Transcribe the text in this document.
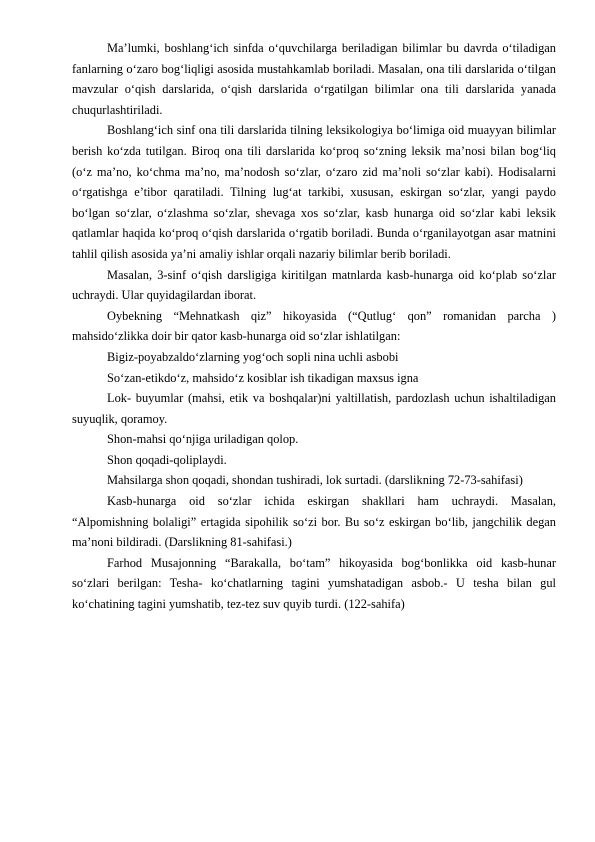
Ma’lumki, boshlang‘ich sinfda o‘quvchilarga beriladigan bilimlar bu davrda o‘tiladigan fanlarning o‘zaro bog‘liqligi asosida mustahkamlab boriladi. Masalan, ona tili darslarida o‘tilgan mavzular o‘qish darslarida, o‘qish darslarida o‘rgatilgan bilimlar ona tili darslarida yanada chuqurlashtiriladi.

Boshlang‘ich sinf ona tili darslarida tilning leksikologiya bo‘limiga oid muayyan bilimlar berish ko‘zda tutilgan. Biroq ona tili darslarida ko‘proq so‘zning leksik ma’nosi bilan bog‘liq (o‘z ma’no, ko‘chma ma’no, ma’nodosh so‘zlar, o‘zaro zid ma’noli so‘zlar kabi). Hodisalarni o‘rgatishga e’tibor qaratiladi. Tilning lug‘at tarkibi, xususan, eskirgan so‘zlar, yangi paydo bo‘lgan so‘zlar, o‘zlashma so‘zlar, shevaga xos so‘zlar, kasb hunarga oid so‘zlar kabi leksik qatlamlar haqida ko‘proq o‘qish darslarida o‘rgatib boriladi. Bunda o‘rganilayotgan asar matnini tahlil qilish asosida ya’ni amaliy ishlar orqali nazariy bilimlar berib boriladi.

Masalan, 3-sinf o‘qish darsligiga kiritilgan matnlarda kasb-hunarga oid ko‘plab so‘zlar uchraydi. Ular quyidagilardan iborat.

Oybekning “Mehnatkash qiz” hikoyasida (“Qutlug‘ qon” romanidan parcha ) mahsido‘zlikka doir bir qator kasb-hunarga oid so‘zlar ishlatilgan:

Bigiz-poyabzaldo‘zlarning yog‘och sopli nina uchli asbobi

So‘zan-etikdo‘z, mahsido‘z kosiblar ish tikadigan maxsus igna

Lok- buyumlar (mahsi, etik va boshqalar)ni yaltillatish, pardozlash uchun ishaltiladigan suyuqlik, qoramoy.

Shon-mahsi qo‘njiga uriladigan qolop.

Shon qoqadi-qoliplaydi.

Mahsilarga shon qoqadi, shondan tushiradi, lok surtadi. (darslikning 72-73-sahifasi)

Kasb-hunarga oid so‘zlar ichida eskirgan shakllari ham uchraydi. Masalan, “Alpomishning bolaligi” ertagida sipohilik so‘zi bor. Bu so‘z eskirgan bo‘lib, jangchilik degan ma’noni bildiradi. (Darslikning 81-sahifasi.)

Farhod Musajonning “Barakalla, bo‘tam” hikoyasida bog‘bonlikka oid kasb-hunar so‘zlari berilgan: Tesha- ko‘chatlarning tagini yumshatadigan asbob.- U tesha bilan gul ko‘chatining tagini yumshatib, tez-tez suv quyib turdi. (122-sahifa)
